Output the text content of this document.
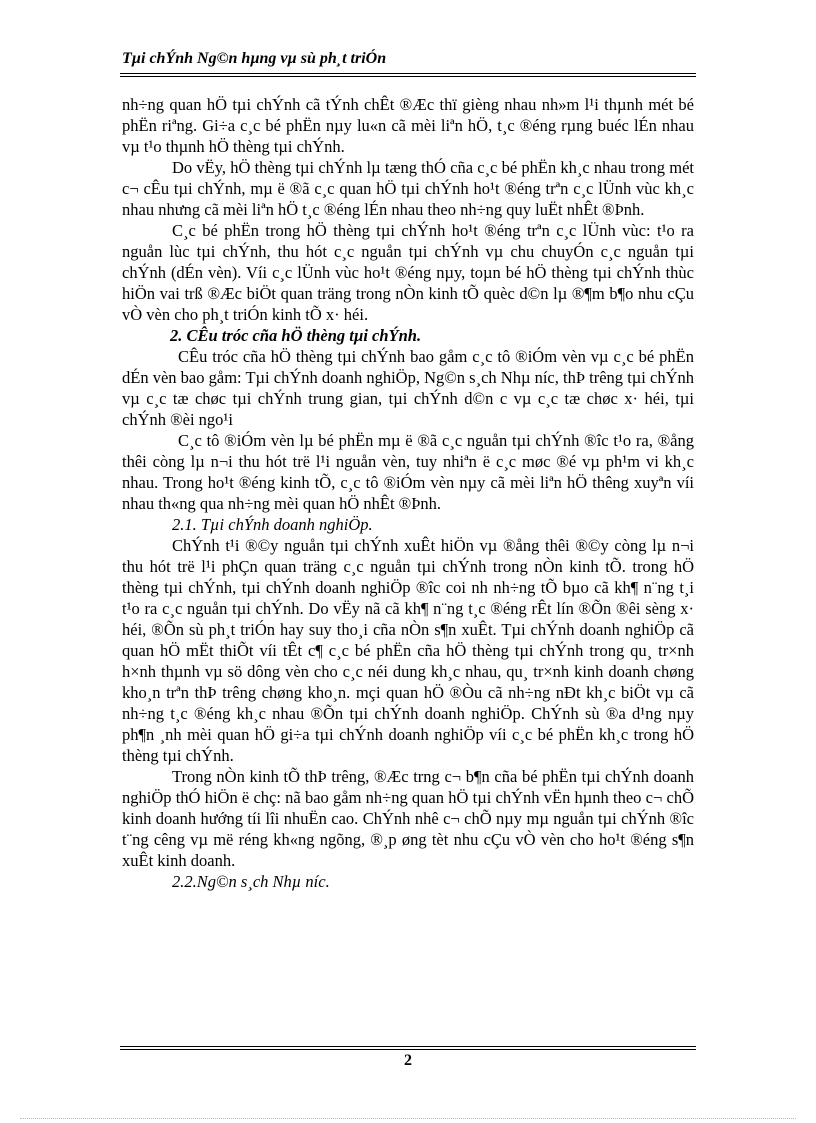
Tµi chÝnh Ng©n hµng vµ sù ph¸t triÓn

nh÷ng quan hÖ tµi chÝnh cã tÝnh chÊt ®Æc thï gièng nhau nh»m l¹i thµnh mét bé phËn riªng. Gi÷a c¸c bé phËn nµy lu«n cã mèi liªn hÖ, t¸c ®éng rµng buéc lÉn nhau vµ t¹o thµnh hÖ thèng tµi chÝnh.

Do vËy, hÖ thèng tµi chÝnh lµ tæng thÓ cña c¸c bé phËn kh¸c nhau trong mét c¬ cÊu tµi chÝnh, mµ ë ®ã c¸c quan hÖ tµi chÝnh ho¹t ®éng trªn c¸c lÜnh vùc kh¸c nhau nhưng cã mèi liªn hÖ t¸c ®éng lÉn nhau theo nh÷ng quy luËt nhÊt ®Þnh.

C¸c bé phËn trong hÖ thèng tµi chÝnh ho¹t ®éng trªn c¸c lÜnh vùc: t¹o ra nguån lùc tµi chÝnh, thu hót c¸c nguån tµi chÝnh vµ chu chuyÓn c¸c nguån tµi chÝnh (dÉn vèn). Víi c¸c lÜnh vùc ho¹t ®éng nµy, toµn bé hÖ thèng tµi chÝnh thùc hiÖn vai trß ®Æc biÖt quan träng trong nÒn kinh tÕ quèc d©n lµ ®¶m b¶o nhu cÇu vÒ vèn cho ph¸t triÓn kinh tÕ x· héi.

2. CÊu tróc cña hÖ thèng tµi chÝnh.

CÊu tróc cña hÖ thèng tµi chÝnh bao gåm c¸c tô ®iÓm vèn vµ c¸c bé phËn dÉn vèn bao gåm: Tµi chÝnh doanh nghiÖp, Ng©n s¸ch Nhµ níc, thÞ trêng tµi chÝnh vµ c¸c tæ chøc tµi chÝnh trung gian, tµi chÝnh d©n c vµ c¸c tæ chøc x· héi, tµi chÝnh ®èi ngo¹i

C¸c tô ®iÓm vèn lµ bé phËn mµ ë ®ã c¸c nguån tµi chÝnh ®îc t¹o ra, ®ång thêi còng lµ n¬i thu hót trë l¹i nguån vèn, tuy nhiªn ë c¸c møc ®é vµ ph¹m vi kh¸c nhau. Trong ho¹t ®éng kinh tÕ, c¸c tô ®iÓm vèn nµy cã mèi liªn hÖ thêng xuyªn víi nhau th«ng qua nh÷ng mèi quan hÖ nhÊt ®Þnh.

2.1. Tµi chÝnh doanh nghiÖp.

ChÝnh t¹i ®©y nguån tµi chÝnh xuÊt hiÖn vµ ®ång thêi ®©y còng lµ n¬i thu hót trë l¹i phÇn quan träng c¸c nguån tµi chÝnh trong nÒn kinh tÕ. trong hÖ thèng tµi chÝnh, tµi chÝnh doanh nghiÖp ®îc coi nh nh÷ng tÕ bµo cã kh¶ n¨ng t¸i t¹o ra c¸c nguån tµi chÝnh. Do vËy nã cã kh¶ n¨ng t¸c ®éng rÊt lín ®Õn ®êi sèng x· héi, ®Õn sù ph¸t triÓn hay suy tho¸i cña nÒn s¶n xuÊt. Tµi chÝnh doanh nghiÖp cã quan hÖ mËt thiÕt víi tÊt c¶ c¸c bé phËn cña hÖ thèng tµi chÝnh trong qu¸ tr×nh h×nh thµnh vµ sö dông vèn cho c¸c néi dung kh¸c nhau, qu¸ tr×nh kinh doanh chøng kho¸n trªn thÞ trêng chøng kho¸n. mçi quan hÖ ®Òu cã nh÷ng nÐt kh¸c biÖt vµ cã nh÷ng t¸c ®éng kh¸c nhau ®Õn tµi chÝnh doanh nghiÖp. ChÝnh sù ®a d¹ng nµy ph¶n ¸nh mèi quan hÖ gi÷a tµi chÝnh doanh nghiÖp víi c¸c bé phËn kh¸c trong hÖ thèng tµi chÝnh.

Trong nÒn kinh tÕ thÞ trêng, ®Æc trng c¬ b¶n cña bé phËn tµi chÝnh doanh nghiÖp thÓ hiÖn ë chç: nã bao gåm nh÷ng quan hÖ tµi chÝnh vËn hµnh theo c¬ chÕ kinh doanh hướng tíi lîi nhuËn cao. ChÝnh nhê c¬ chÕ nµy mµ nguån tµi chÝnh ®îc t¨ng cêng vµ më réng kh«ng ngõng, ®¸p øng tèt nhu cÇu vÒ vèn cho ho¹t ®éng s¶n xuÊt kinh doanh.

2.2.Ng©n s¸ch Nhµ níc.

2
